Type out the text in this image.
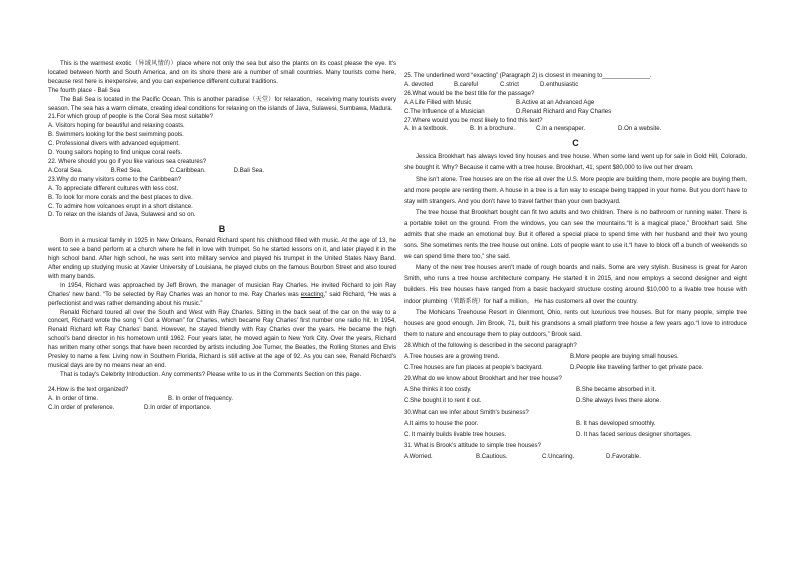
This is the warmest exotic（异域风情的）place where not only the sea but also the plants on its coast please the eye. It's located between North and South America, and on its shore there are a number of small countries. Many tourists come here, because rest here is inexpensive, and you can experience different cultural traditions.

The fourth place - Bali Sea

The Bali Sea is located in the Pacific Ocean. This is another paradise（天堂）for relaxation，receiving many tourists every season. The sea has a warm climate, creating ideal conditions for relaxing on the islands of Java, Sulawesi, Sumbawa, Madura.

21.For which group of people is the Coral Sea most suitable?

A. Visitors hoping for beautiful and relaxing coasts.

B. Swimmers looking for the best swimming pools.

C. Professional divers with advanced equipment.

D. Young sailors hoping to find unique coral reefs.

22. Where should you go if you like various sea creatures?

A.Coral Sea.	B.Red Sea.	C.Caribbean.	D.Bali Sea.

23.Why do many visitors come to the Caribbean?

A. To appreciate different cultures with less cost.

B. To look for more corals and the best places to dive.

C. To admire how volcanoes erupt in a short distance.

D. To relax on the islands of Java, Sulawesi and so on.

B

Born in a musical family in 1925 in New Orleans, Renald Richard spent his childhood filled with music. At the age of 13, he went to see a band perform at a church where he fell in love with trumpet. So he started lessons on it, and later played it in the high school band. After high school, he was sent into military service and played his trumpet in the United States Navy Band. After ending up studying music at Xavier University of Louisiana, he played clubs on the famous Bourbon Street and also toured with many bands.

In 1954, Richard was approached by Jeff Brown, the manager of musician Ray Charles. He invited Richard to join Ray Charles' new band. “To be selected by Ray Charles was an honor to me. Ray Charles was exacting,” said Richard, “He was a perfectionist and was rather demanding about his music.”

Renald Richard toured all over the South and West with Ray Charles. Sitting in the back seat of the car on the way to a concert, Richard wrote the song “I Got a Woman” for Charles, which became Ray Charles' first number one radio hit. In 1954, Renald Richard left Ray Charles' band. However, he stayed friendly with Ray Charles over the years. He became the high school's band director in his hometown until 1962. Four years later, he moved again to New York City. Over the years, Richard has written many other songs that have been recorded by artists including Joe Turner, the Beatles, the Rolling Stones and Elvis Presley to name a few. Living now in Southern Florida, Richard is still active at the age of 92. As you can see, Renald Richard's musical days are by no means near an end.

That is today's Celebrity Introduction. Any comments? Please write to us in the Comments Section on this page.

24.How is the text organized?

A. In order of time.	B. In order of frequency.
C.In order of preference.	D.In order of importance.

25. The underlined word “exacting” (Paragraph 2) is closest in meaning to______________.

A. devoted	B.careful	C.strict	D.enthusiastic

26.What would be the best title for the passage?

A.A Life Filled with Music	B.Active at an Advanced Age
C.The Influence of a Musician	D.Renald Richard and Ray Charles

27.Where would you be most likely to find this text?

A. In a textbook.	B. In a brochure.	C.In a newspaper.	D.On a website.
C

Jessica Brookhart has always loved tiny houses and tree house. When some land went up for sale in Gold Hill, Colorado, she bought it. Why? Because it came with a tree house. Brookhart, 41, spent $80,000 to live out her dream.

She isn't alone. Tree houses are on the rise all over the U.S. More people are building them, more people are buying them, and more people are renting them. A house in a tree is a fun way to escape being trapped in your home. But you don't have to stay with strangers. And you don't have to travel farther than your own backyard.

The tree house that Brookhart bought can fit two adults and two children. There is no bathroom or running water. There is a portable toilet on the ground. From the windows, you can see the mountains.“It is a magical place,” Brookhart said. She admits that she made an emotional buy. But it offered a special place to spend time with her husband and their two young sons. She sometimes rents the tree house out online. Lots of people want to use it.“I have to block off a bunch of weekends so we can spend time there too,” she said.

Many of the new tree houses aren't made of rough boards and nails. Some are very stylish. Business is great for Aaron Smith, who runs a tree house architecture company. He started it in 2015, and now employs a second designer and eight builders. His tree houses have ranged from a basic backyard structure costing around $10,000 to a livable tree house with indoor plumbing（管路系统）for half a million。 He has customers all over the country.

The Mohicans Treehouse Resort in Glenmont, Ohio, rents out luxurious tree houses. But for many people, simple tree houses are good enough. Jim Brook, 71, built his grandsons a small platform tree house a few years ago.“I love to introduce them to nature and encourage them to play outdoors,” Brook said.

28.Which of the following is described in the second paragraph?

A.Tree houses are a growing trend.	B.More people are buying small houses.
C.Tree houses are fun places at people's backyard.	D.People like traveling farther to get private pace.

29.What do we know about Brookhart and her tree house?

A.She thinks it too costly.	B.She became absorbed in it.
C.She bought it to rent it out.	D.She always lives there alone.

30.What can we infer about Smith's business?

A.It aims to house the poor.	B. It has developed smoothly.
C. It mainly builds livable tree houses.	D. It has faced serious designer shortages.

31. What is Brook's attitude to simple tree houses?

A.Worried.	B.Cautious.	C.Uncaring.	D.Favorable.
